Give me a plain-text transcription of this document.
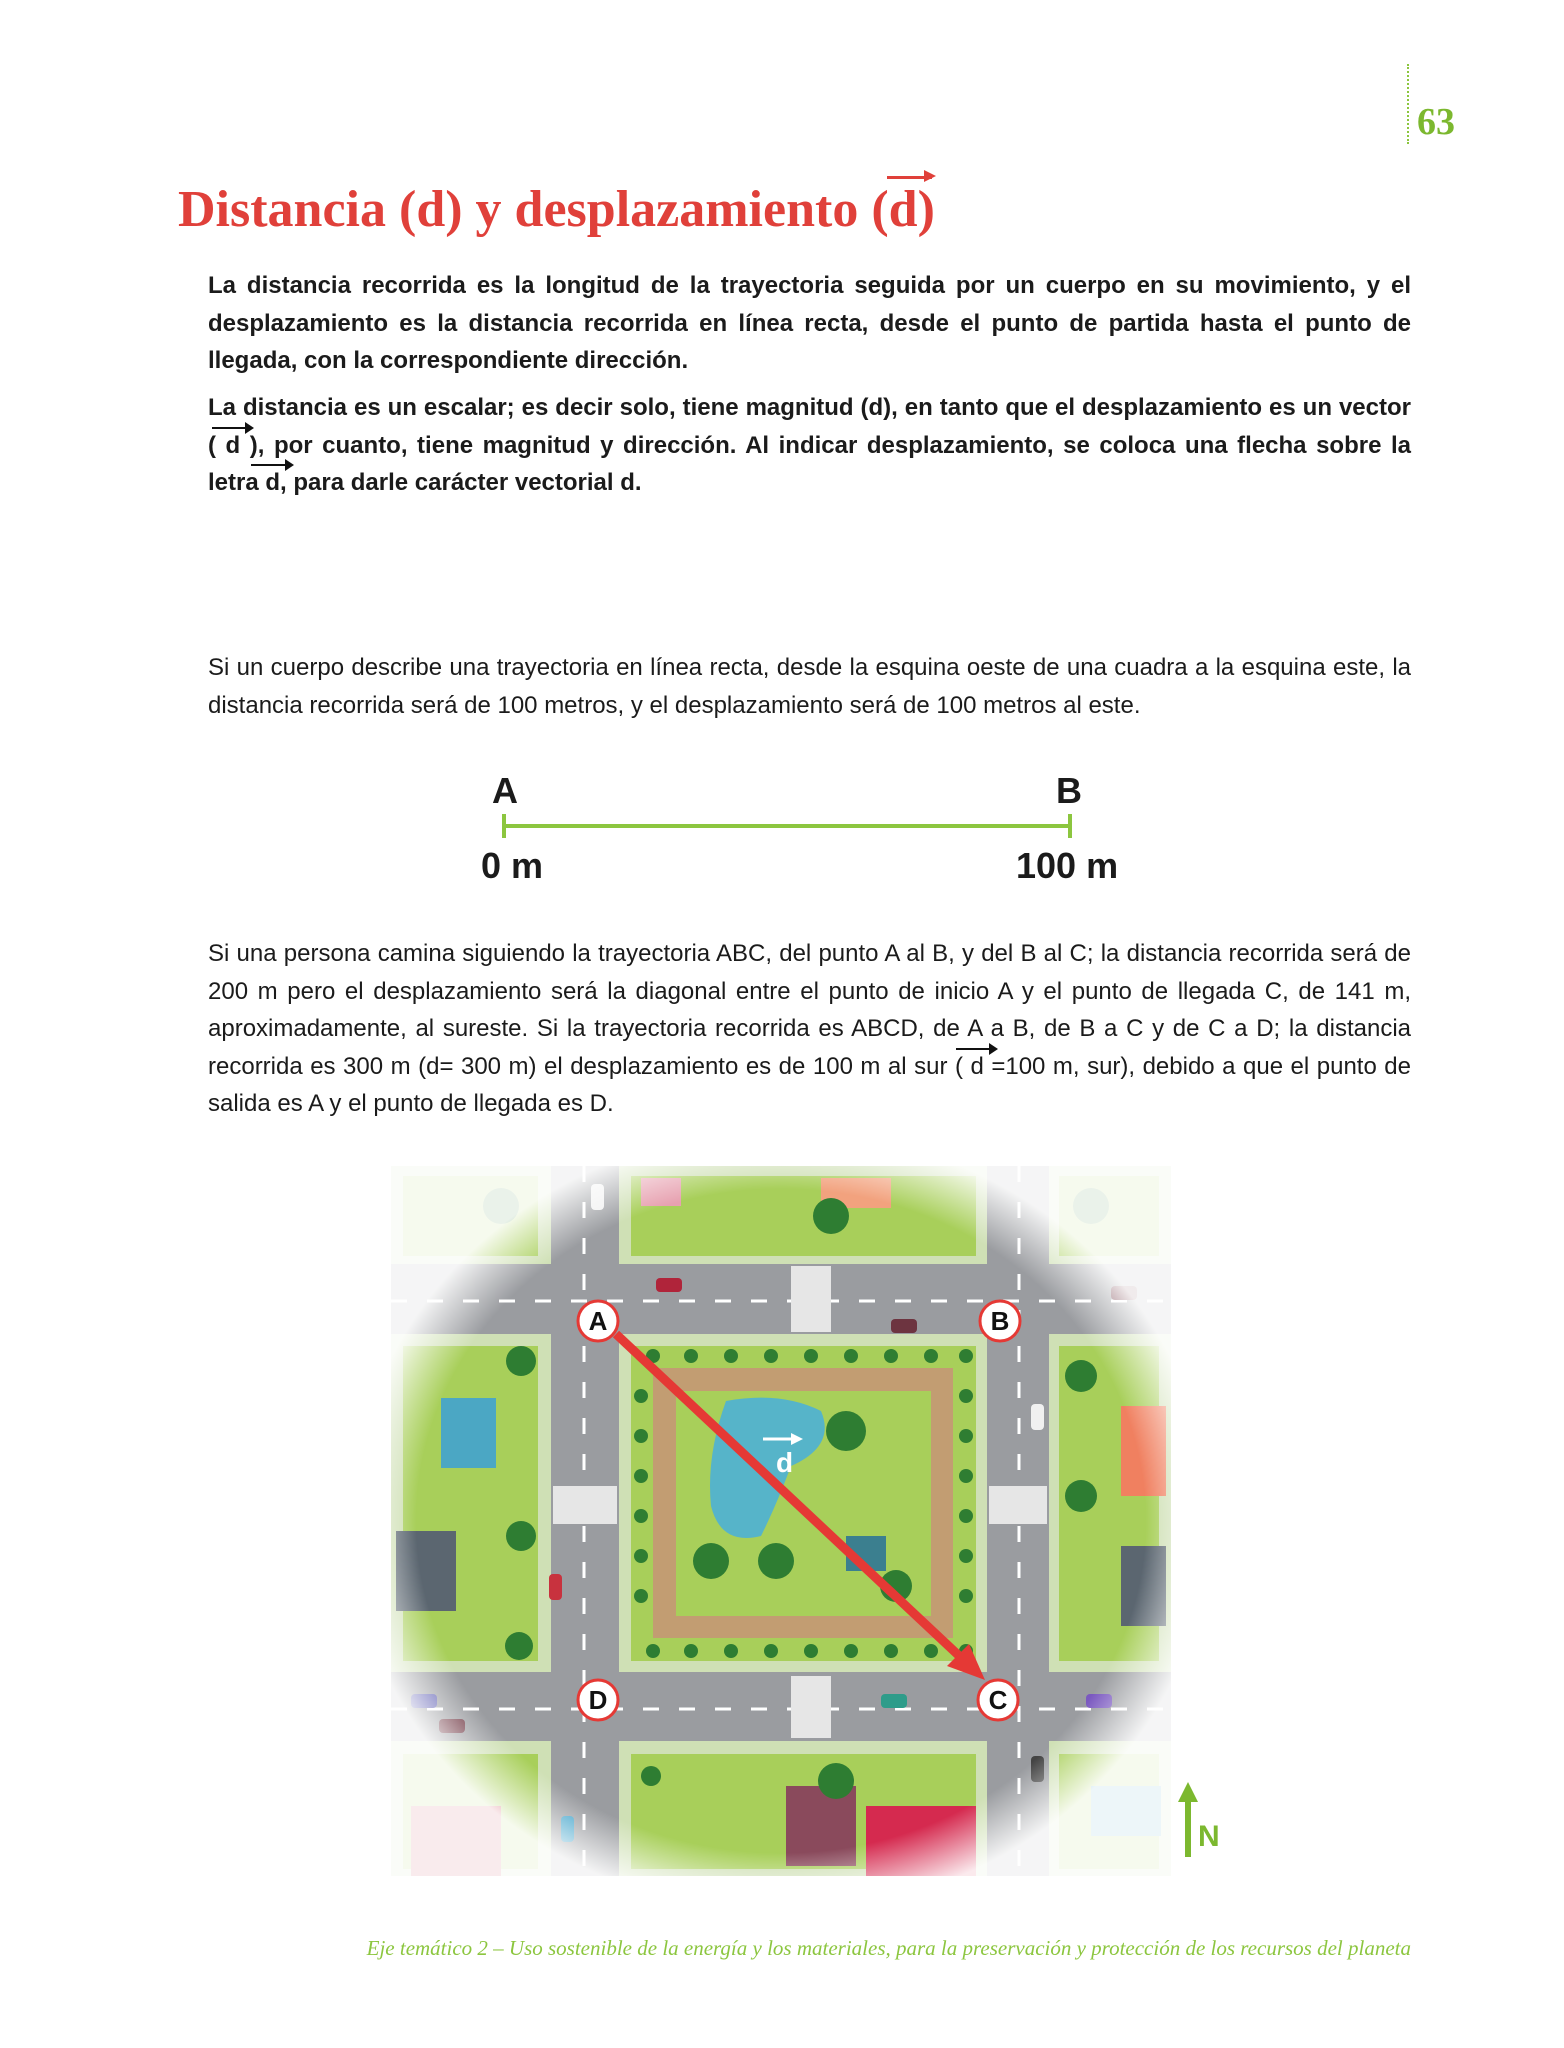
63
Distancia (d) y desplazamiento (d)
La distancia recorrida es la longitud de la trayectoria seguida por un cuerpo en su movimiento, y el desplazamiento es la distancia recorrida en línea recta, desde el punto de partida hasta el punto de llegada, con la correspondiente dirección.
La distancia es un escalar; es decir solo, tiene magnitud (d), en tanto que el desplazamiento es un vector ( d ), por cuanto, tiene magnitud y dirección. Al indicar desplazamiento, se coloca una flecha sobre la letra d, para darle carácter vectorial d.
Si un cuerpo describe una trayectoria en línea recta, desde la esquina oeste de una cuadra a la esquina este, la distancia recorrida será de 100 metros, y el desplazamiento será de 100 metros al este.
A	B
0 m	100 m
Si una persona camina siguiendo la trayectoria ABC, del punto A al B, y del B al C; la distancia recorrida será de 200 m pero el desplazamiento será la diagonal entre el punto de inicio A y el punto de llegada C, de 141 m, aproximadamente, al sureste. Si la trayectoria recorrida es ABCD, de A a B, de B a C y de C a D; la distancia recorrida es 300 m (d= 300 m) el desplazamiento es de 100 m al sur ( d =100 m, sur), debido a que el punto de salida es A y el punto de llegada es D.
d
A	B
C
D
N
Eje temático 2 – Uso sostenible de la energía y los materiales, para la preservación y protección de los recursos del planeta
